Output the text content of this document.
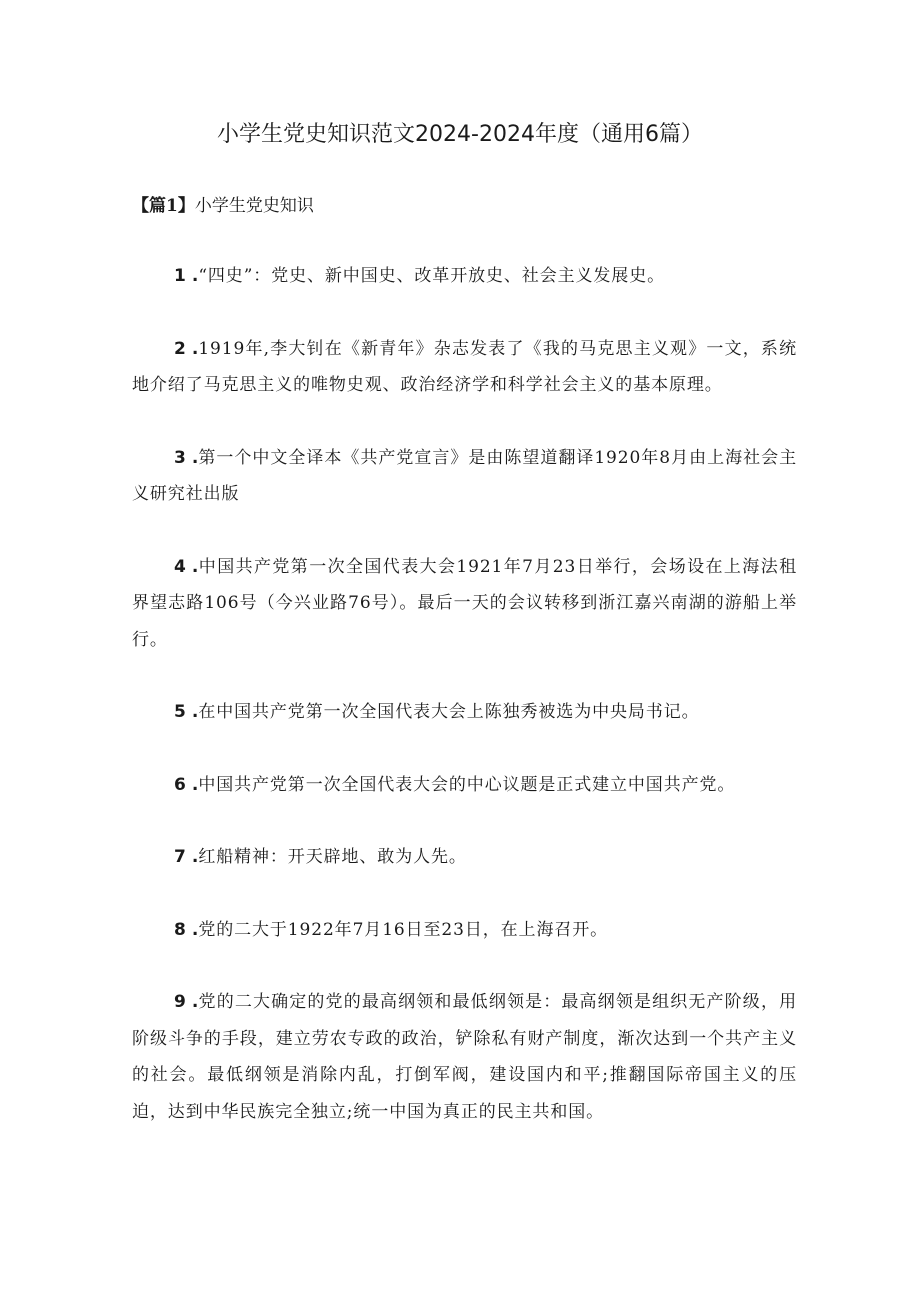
小学生党史知识范文2024-2024年度（通用6篇）
【篇1】小学生党史知识
1 .“四史”：党史、新中国史、改革开放史、社会主义发展史。
2 .1919年,李大钊在《新青年》杂志发表了《我的马克思主义观》一文，系统地介绍了马克思主义的唯物史观、政治经济学和科学社会主义的基本原理。
3 .第一个中文全译本《共产党宣言》是由陈望道翻译1920年8月由上海社会主义研究社出版
4 .中国共产党第一次全国代表大会1921年7月23日举行，会场设在上海法租界望志路106号（今兴业路76号）。最后一天的会议转移到浙江嘉兴南湖的游船上举行。
5 .在中国共产党第一次全国代表大会上陈独秀被选为中央局书记。
6 .中国共产党第一次全国代表大会的中心议题是正式建立中国共产党。
7 .红船精神：开天辟地、敢为人先。
8 .党的二大于1922年7月16日至23日，在上海召开。
9 .党的二大确定的党的最高纲领和最低纲领是：最高纲领是组织无产阶级，用阶级斗争的手段，建立劳农专政的政治，铲除私有财产制度，渐次达到一个共产主义的社会。最低纲领是消除内乱，打倒军阀，建设国内和平;推翻国际帝国主义的压迫，达到中华民族完全独立;统一中国为真正的民主共和国。
